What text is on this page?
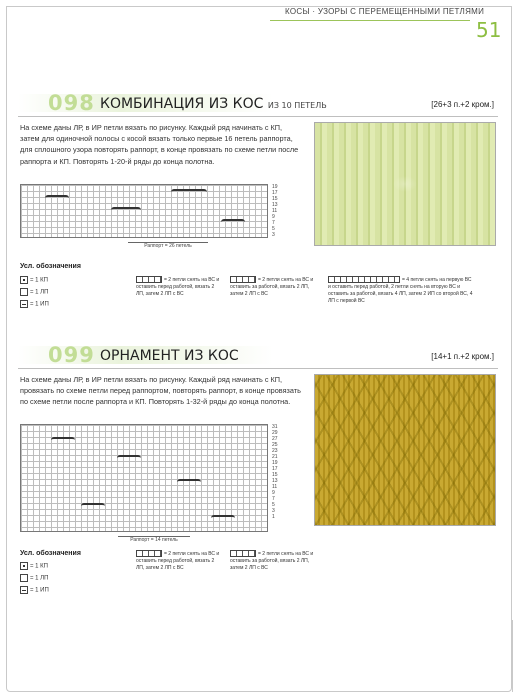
КОСЫ · УЗОРЫ С ПЕРЕМЕЩЕННЫМИ ПЕТЛЯМИ
51
098 КОМБИНАЦИЯ ИЗ КОС ИЗ 10 ПЕТЕЛЬ	[26+3 п.+2 кром.]
На схеме даны ЛР, в ИР петли вязать по рисунку. Каждый ряд начинать с КП, затем для одиночной полосы с косой вязать только первые 16 петель раппорта, для сплошного узора повторять раппорт, в конце провязать по схеме петли после раппорта и КП. Повторять 1-20-й ряды до конца полотна.
19
17
15
13
11
9
7
5
3
Раппорт = 26 петель
Усл. обозначения
= 1 КП
= 1 ЛП
= 1 ИП
= 2 петли снять на ВС и оставить перед работой, вязать 2 ЛП, затем 2 ЛП с ВС
= 2 петли снять на ВС и оставить за работой, вязать 2 ЛП, затем 2 ЛП с ВС
= 4 петли снять на первую ВС и оставить перед работой, 2 петли снять на вторую ВС и оставить за работой, вязать 4 ЛП, затем 2 ИП со второй ВС, 4 ЛП с первой ВС
099 ОРНАМЕНТ ИЗ КОС	[14+1 п.+2 кром.]
На схеме даны ЛР, в ИР петли вязать по рисунку. Каждый ряд начинать с КП, провязать по схеме петли перед раппортом, повторять раппорт, в конце провязать по схеме петли после раппорта и КП. Повторять 1-32-й ряды до конца полотна.
31
29
27
25
23
21
19
17
15
13
11
9
7
5
3
1
Раппорт = 14 петель
Усл. обозначения
= 1 КП
= 1 ЛП
= 1 ИП
= 2 петли снять на ВС и оставить перед работой, вязать 2 ЛП, затем 2 ЛП с ВС
= 2 петли снять на ВС и оставить за работой, вязать 2 ЛП, затем 2 ЛП с ВС
